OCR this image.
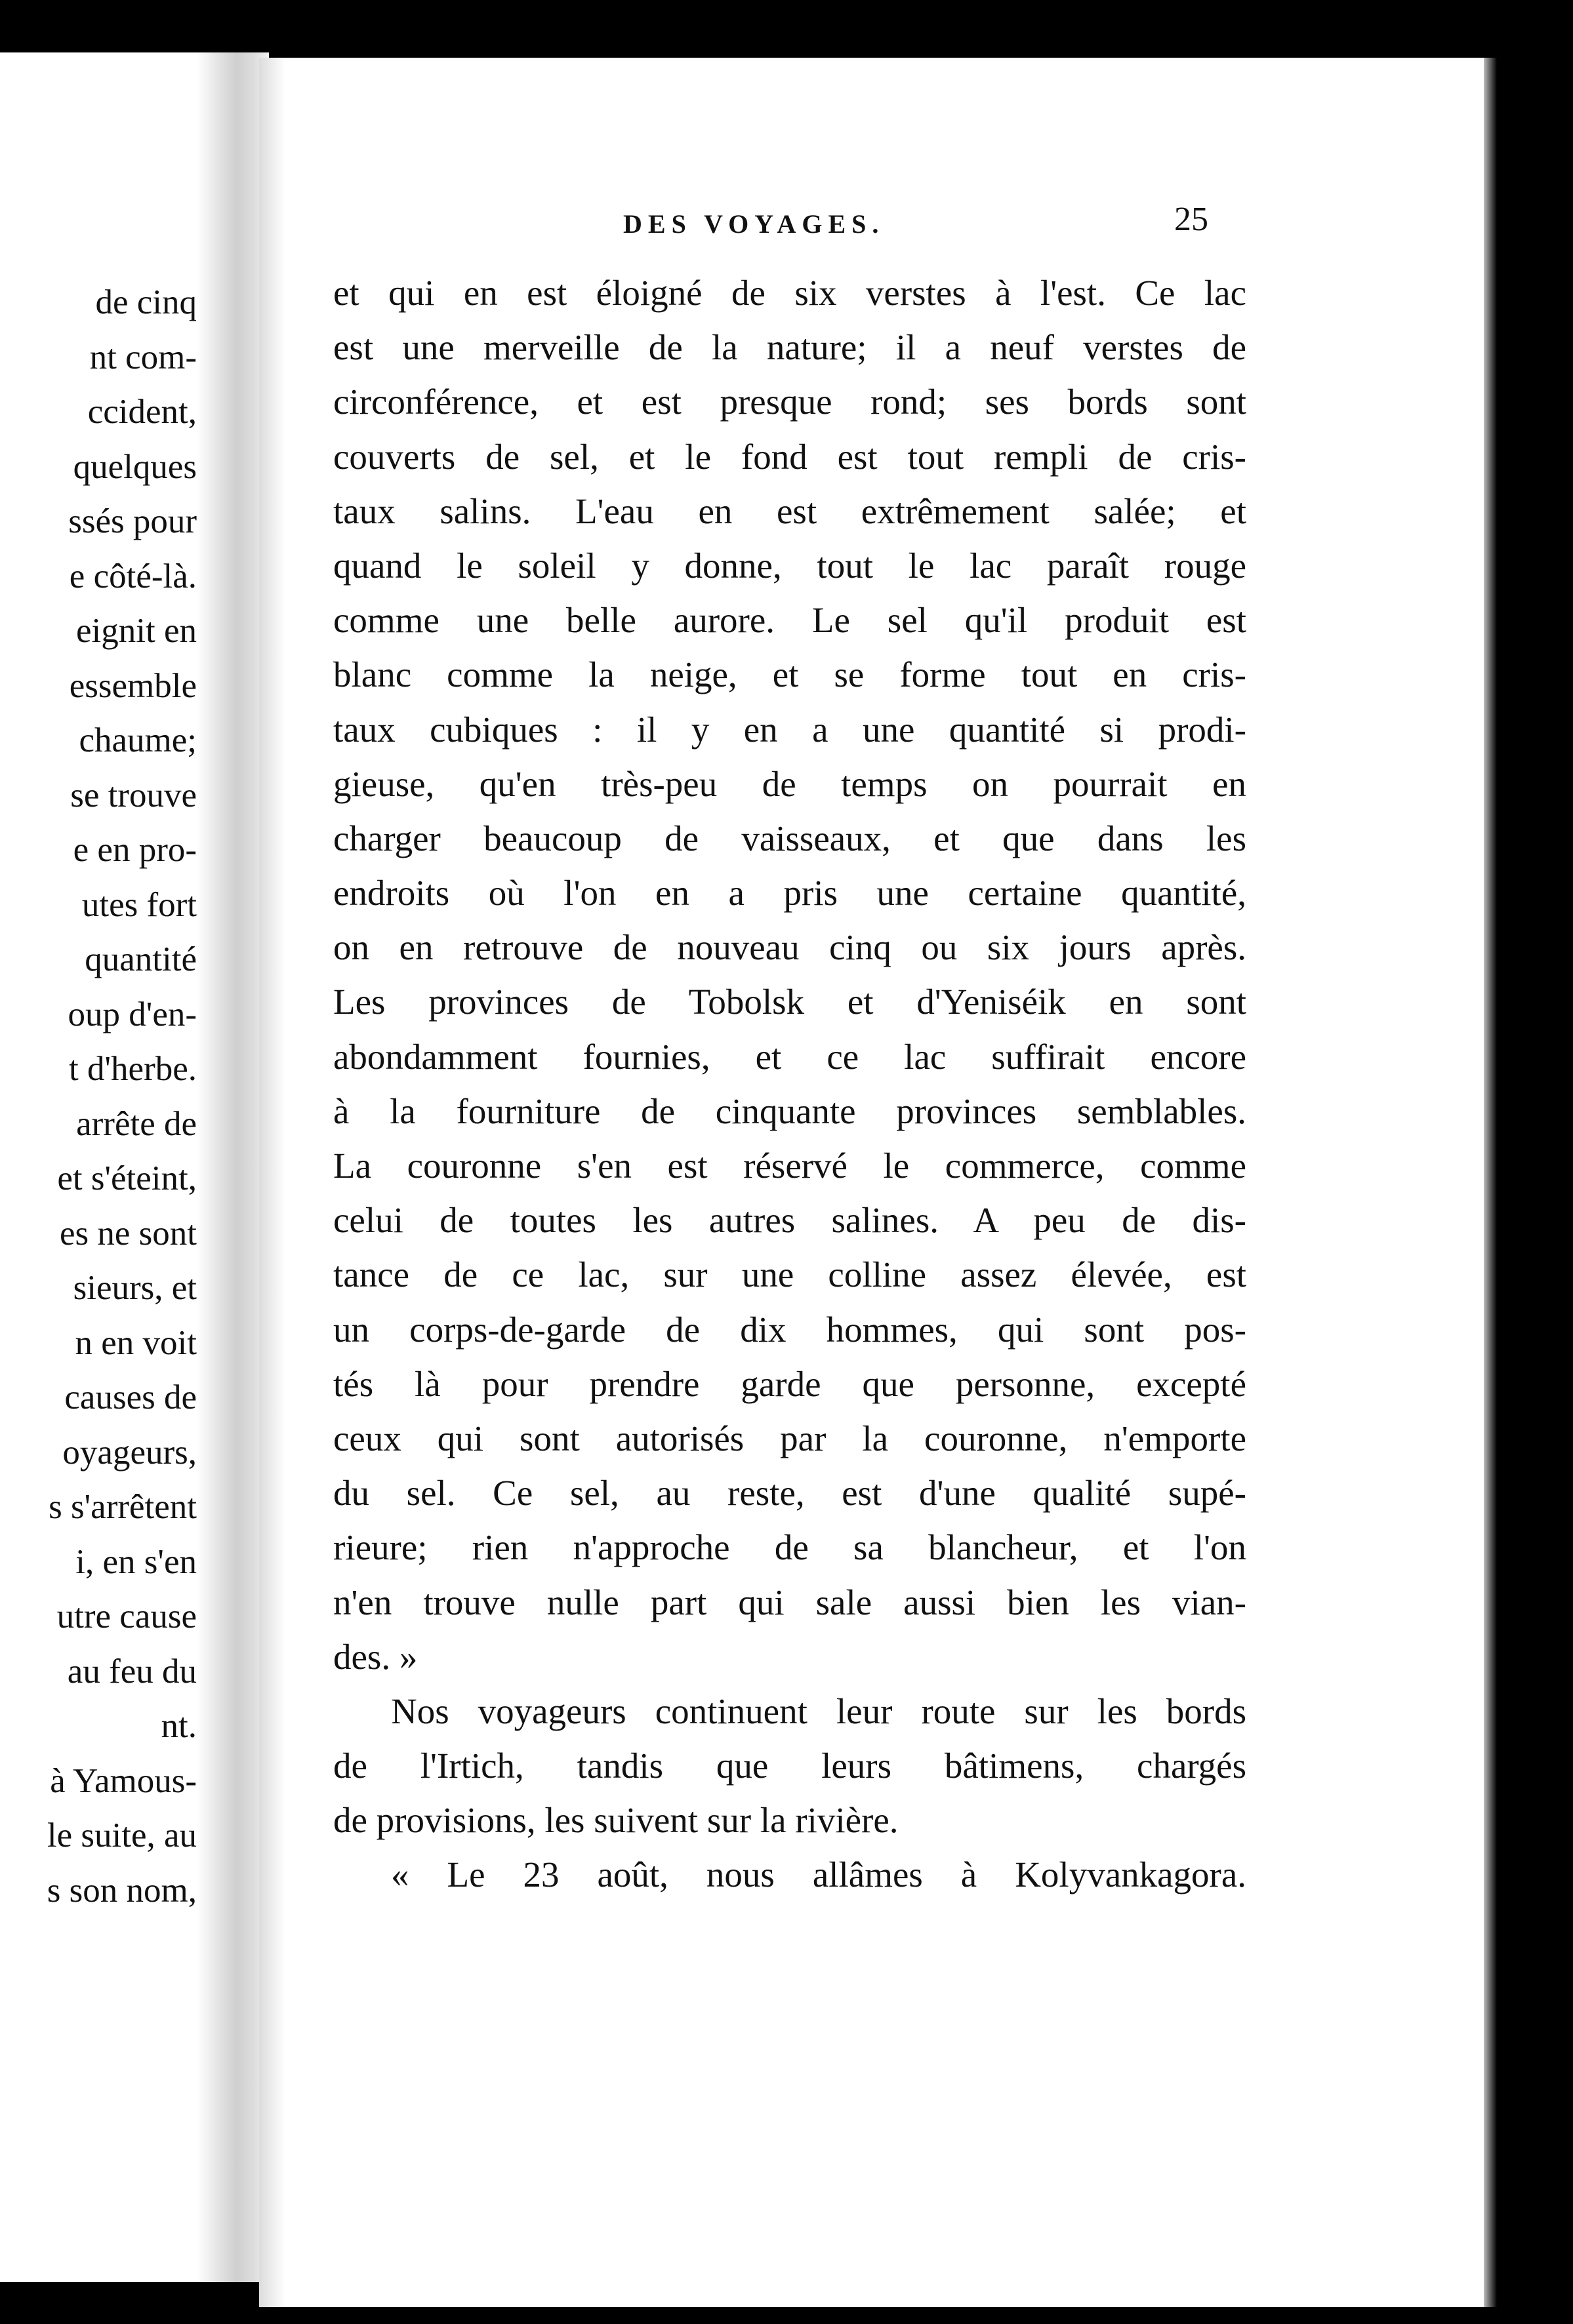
de cinq
nt com-
ccident,
quelques
ssés pour
e côté-là.
eignit en
essemble
chaume;
se trouve
e en pro-
utes fort
quantité
oup d'en-
t d'herbe.
arrête de
et s'éteint,
es ne sont
sieurs, et
n en voit
causes de
oyageurs,
s s'arrêtent
i, en s'en
utre cause
au feu du
nt.
à Yamous-
le suite, au
s son nom,
DES VOYAGES.	25
et qui en est éloigné de six verstes à l'est. Ce lac
est une merveille de la nature; il a neuf verstes de
circonférence, et est presque rond; ses bords sont
couverts de sel, et le fond est tout rempli de cris-
taux salins. L'eau en est extrêmement salée; et
quand le soleil y donne, tout le lac paraît rouge
comme une belle aurore. Le sel qu'il produit est
blanc comme la neige, et se forme tout en cris-
taux cubiques : il y en a une quantité si prodi-
gieuse, qu'en très-peu de temps on pourrait en
charger beaucoup de vaisseaux, et que dans les
endroits où l'on en a pris une certaine quantité,
on en retrouve de nouveau cinq ou six jours après.
Les provinces de Tobolsk et d'Yeniséik en sont
abondamment fournies, et ce lac suffirait encore
à la fourniture de cinquante provinces semblables.
La couronne s'en est réservé le commerce, comme
celui de toutes les autres salines. A peu de dis-
tance de ce lac, sur une colline assez élevée, est
un corps-de-garde de dix hommes, qui sont pos-
tés là pour prendre garde que personne, excepté
ceux qui sont autorisés par la couronne, n'emporte
du sel. Ce sel, au reste, est d'une qualité supé-
rieure; rien n'approche de sa blancheur, et l'on
n'en trouve nulle part qui sale aussi bien les vian-
des. »
Nos voyageurs continuent leur route sur les bords
de l'Irtich, tandis que leurs bâtimens, chargés
de provisions, les suivent sur la rivière.
« Le 23 août, nous allâmes à Kolyvankagora.
